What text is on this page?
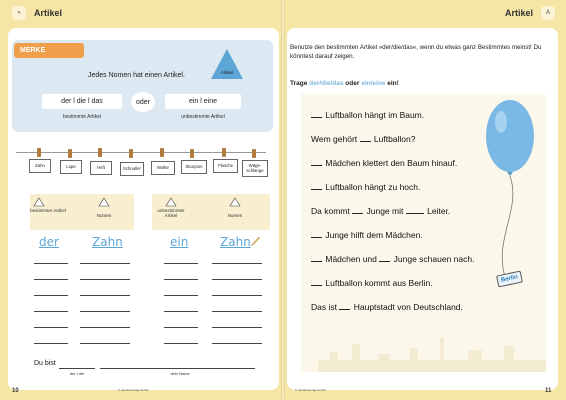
«	Artikel
MERKE
Jedes Nomen hat einen Artikel.	Artikel
der l die l das
bestimmte Artikel
oder	ein l eine
unbestimmte Artikel
Zahn	Lupe	Heft	Schnuller	Wolke	Skorpion	Flasche	Wäge-schlange
bestimmter Artikel
Nomen
unbestimmter Artikel	Nomen
der	Zahn	ein	Zahn
Du bist
der l die	dein Name
10	© Jandorfverlag GmbH
Artikel	A
Benutze den bestimmten Artikel »der/die/das«, wenn du etwas ganz Bestimmtes meinst! Du könntest darauf zeigen.
Trage der/die/das oder ein/eine ein!
Berlin
Luftballon hängt im Baum.
Wem gehört Luftballon?
Mädchen klettert den Baum hinauf.
Luftballon hängt zu hoch.
Da kommt Junge mit	Leiter.
Junge hilft dem Mädchen.
Mädchen und Junge schauen nach.
Luftballon kommt aus Berlin.
Das ist Hauptstadt von Deutschland.
11
© Jandorfverlag GmbH
